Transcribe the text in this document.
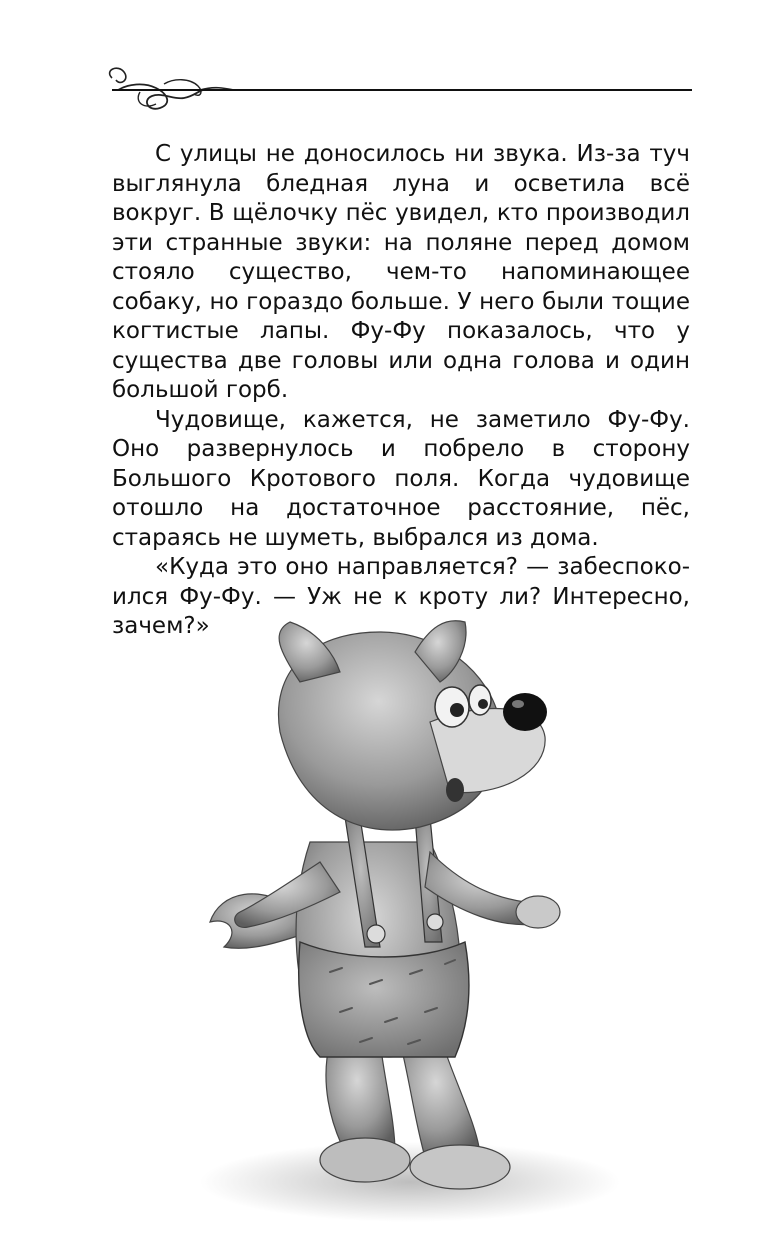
С улицы не доносилось ни звука. Из-за туч выглянула бледная луна и осветила всё вокруг. В щёлочку пёс увидел, кто производил эти странные звуки: на поляне перед домом стояло существо, чем-то напоминающее собаку, но гораздо больше. У него были тощие когтистые лапы. Фу-Фу показалось, что у существа две головы или одна голова и один большой горб.

Чудовище, кажется, не заметило Фу-Фу. Оно развернулось и побрело в сторону Большого Кротового поля. Когда чудовище отошло на достаточное расстояние, пёс, стараясь не шуметь, выбрался из дома.

«Куда это оно направляется? — забеспокоился Фу-Фу. — Уж не к кроту ли? Интересно, зачем?»
